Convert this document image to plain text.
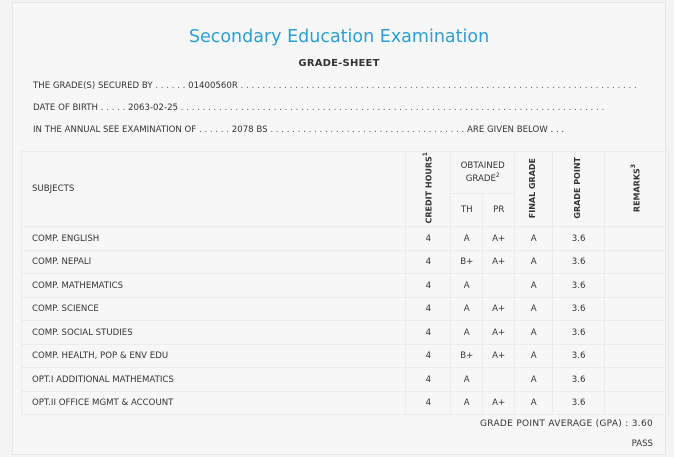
Secondary Education Examination
GRADE-SHEET
THE GRADE(S) SECURED BY . . . . . . 01400560R . . . . . . . . . . . . . . . . . . . . . . . . . . . . . . . . . . . . . . . . . . . . . . . . . . . . . . . . . . . . . . . . . . . . . . . . .
DATE OF BIRTH . . . . . 2063-02-25 . . . . . . . . . . . . . . . . . . . . . . . . . . . . . . . . . . . . . . . . . . . . . . . . . . . . . . . . . . . . . . . . . . . . . . . . . . . . . .
IN THE ANNUAL SEE EXAMINATION OF . . . . . . 2078 BS . . . . . . . . . . . . . . . . . . . . . . . . . . . . . . . . . . . . ARE GIVEN BELOW . . .
SUBJECTS	CREDIT HOURS$^1$	OBTAINED GRADE$^2$		FINAL GRADE	GRADE POINT	REMARKS$^3$
		TH	PR			
COMP. ENGLISH	4	A	A+	A	3.6	
COMP. NEPALI	4	B+	A+	A	3.6	
COMP. MATHEMATICS	4	A		A	3.6	
COMP. SCIENCE	4	A	A+	A	3.6	
COMP. SOCIAL STUDIES	4	A	A+	A	3.6	
COMP. HEALTH, POP & ENV EDU	4	B+	A+	A	3.6	
OPT.I ADDITIONAL MATHEMATICS	4	A		A	3.6	
OPT.II OFFICE MGMT & ACCOUNT	4	A	A+	A	3.6	
GRADE POINT AVERAGE (GPA) : 3.60
PASS
